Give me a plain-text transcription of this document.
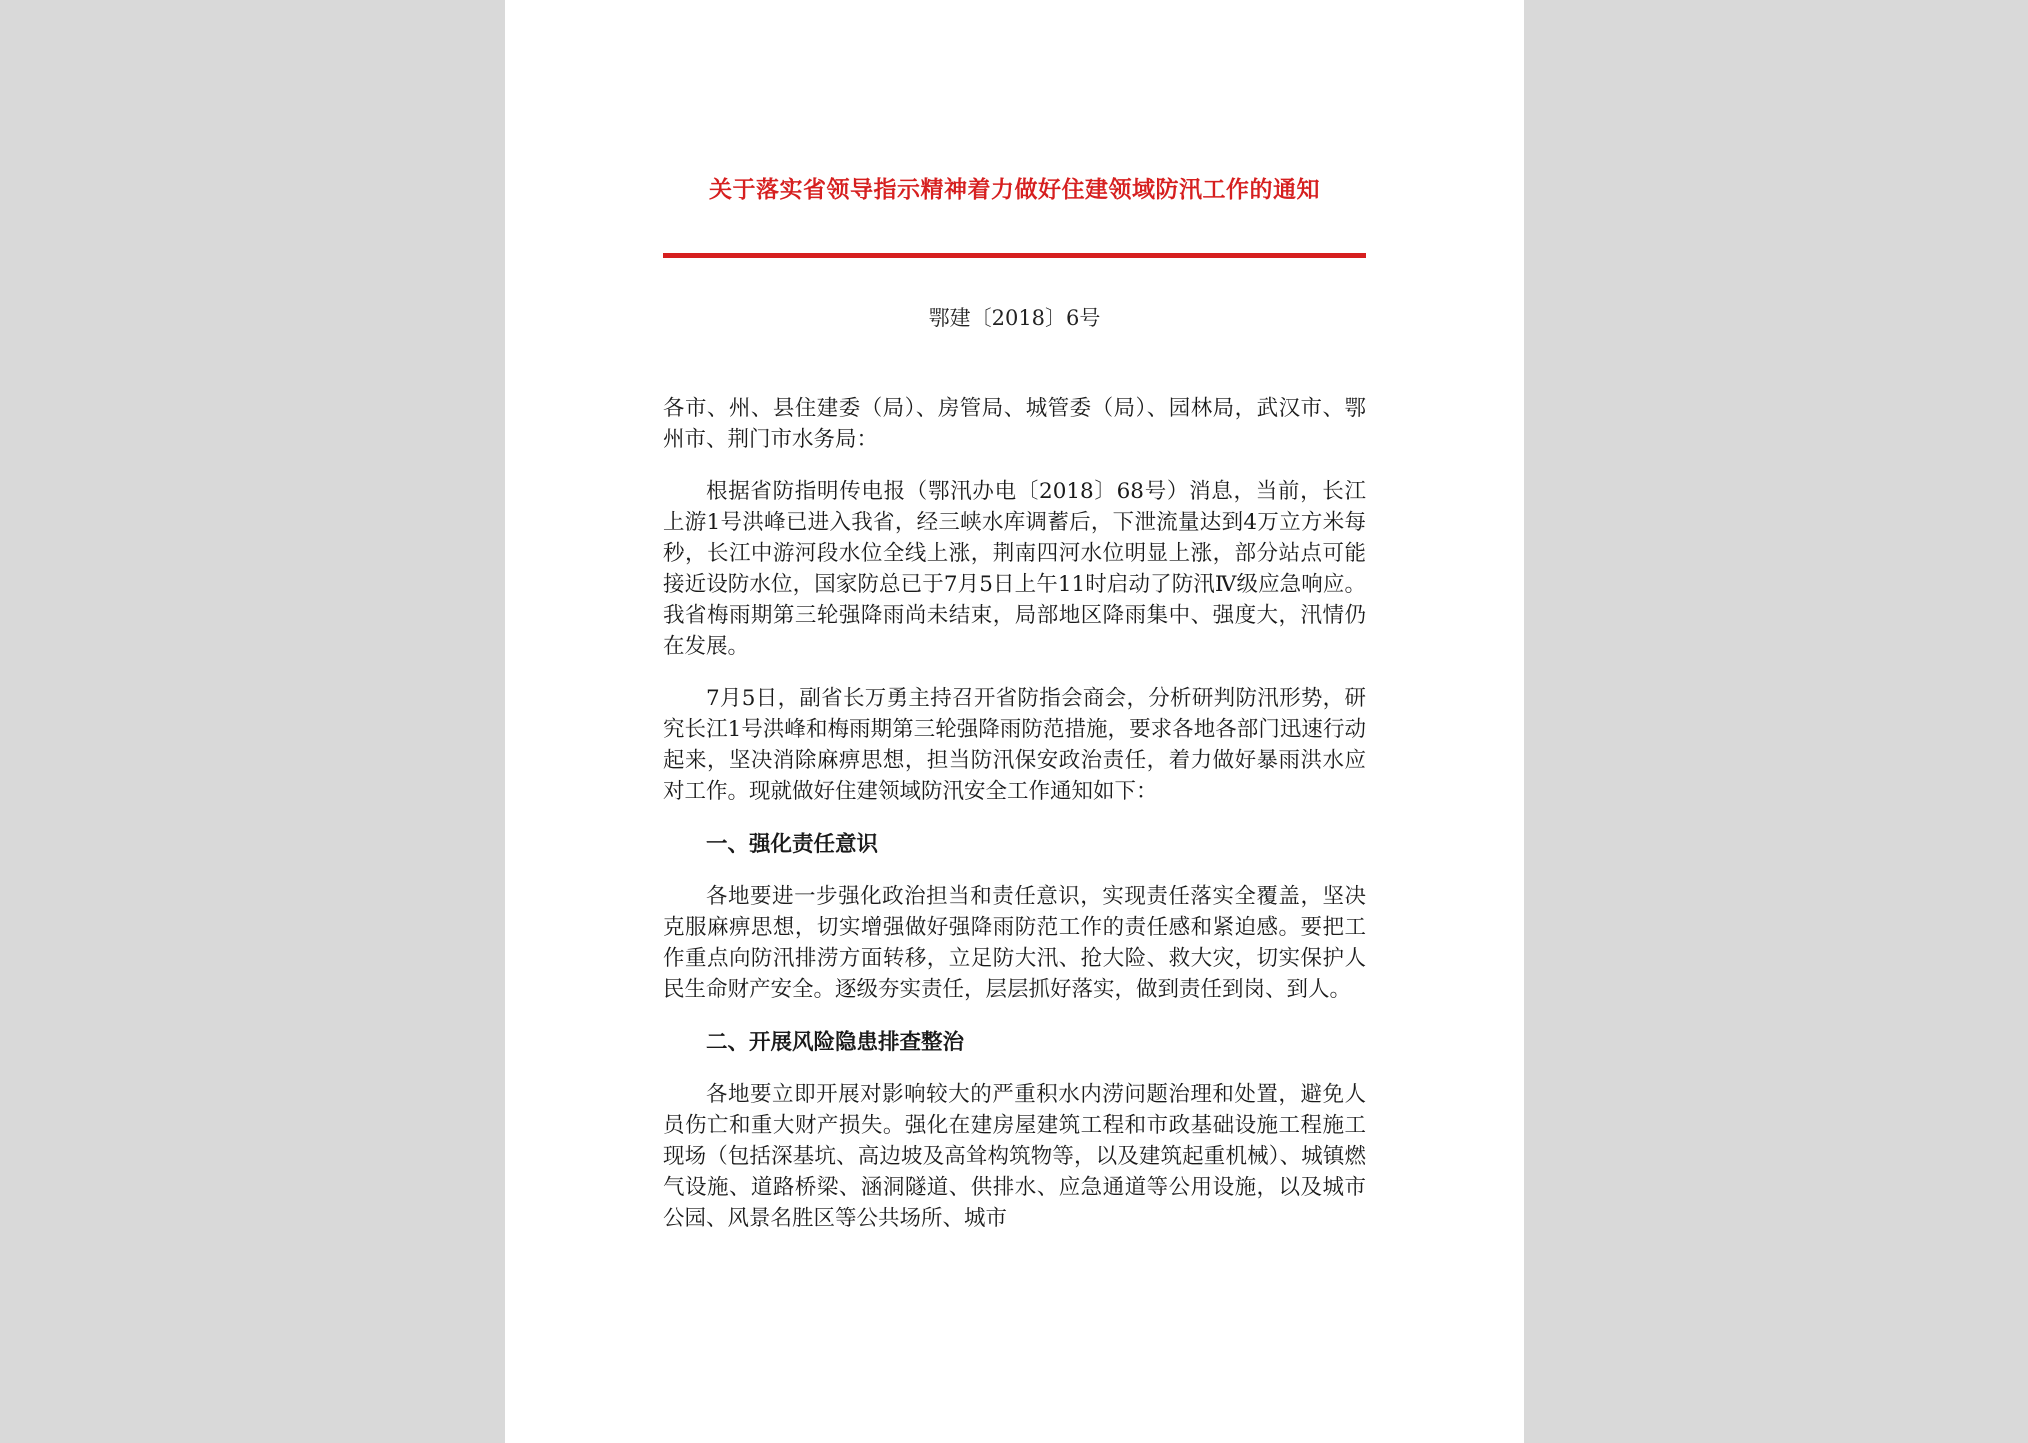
关于落实省领导指示精神着力做好住建领域防汛工作的通知
鄂建〔2018〕6号
各市、州、县住建委（局）、房管局、城管委（局）、园林局，武汉市、鄂州市、荆门市水务局：
根据省防指明传电报（鄂汛办电〔2018〕68号）消息，当前，长江上游1号洪峰已进入我省，经三峡水库调蓄后，下泄流量达到4万立方米每秒，长江中游河段水位全线上涨，荆南四河水位明显上涨，部分站点可能接近设防水位，国家防总已于7月5日上午11时启动了防汛Ⅳ级应急响应。我省梅雨期第三轮强降雨尚未结束，局部地区降雨集中、强度大，汛情仍在发展。
7月5日，副省长万勇主持召开省防指会商会，分析研判防汛形势，研究长江1号洪峰和梅雨期第三轮强降雨防范措施，要求各地各部门迅速行动起来，坚决消除麻痹思想，担当防汛保安政治责任，着力做好暴雨洪水应对工作。现就做好住建领域防汛安全工作通知如下：
一、强化责任意识
各地要进一步强化政治担当和责任意识，实现责任落实全覆盖，坚决克服麻痹思想，切实增强做好强降雨防范工作的责任感和紧迫感。要把工作重点向防汛排涝方面转移，立足防大汛、抢大险、救大灾，切实保护人民生命财产安全。逐级夯实责任，层层抓好落实，做到责任到岗、到人。
二、开展风险隐患排查整治
各地要立即开展对影响较大的严重积水内涝问题治理和处置，避免人员伤亡和重大财产损失。强化在建房屋建筑工程和市政基础设施工程施工现场（包括深基坑、高边坡及高耸构筑物等，以及建筑起重机械）、城镇燃气设施、道路桥梁、涵洞隧道、供排水、应急通道等公用设施，以及城市公园、风景名胜区等公共场所、城市
